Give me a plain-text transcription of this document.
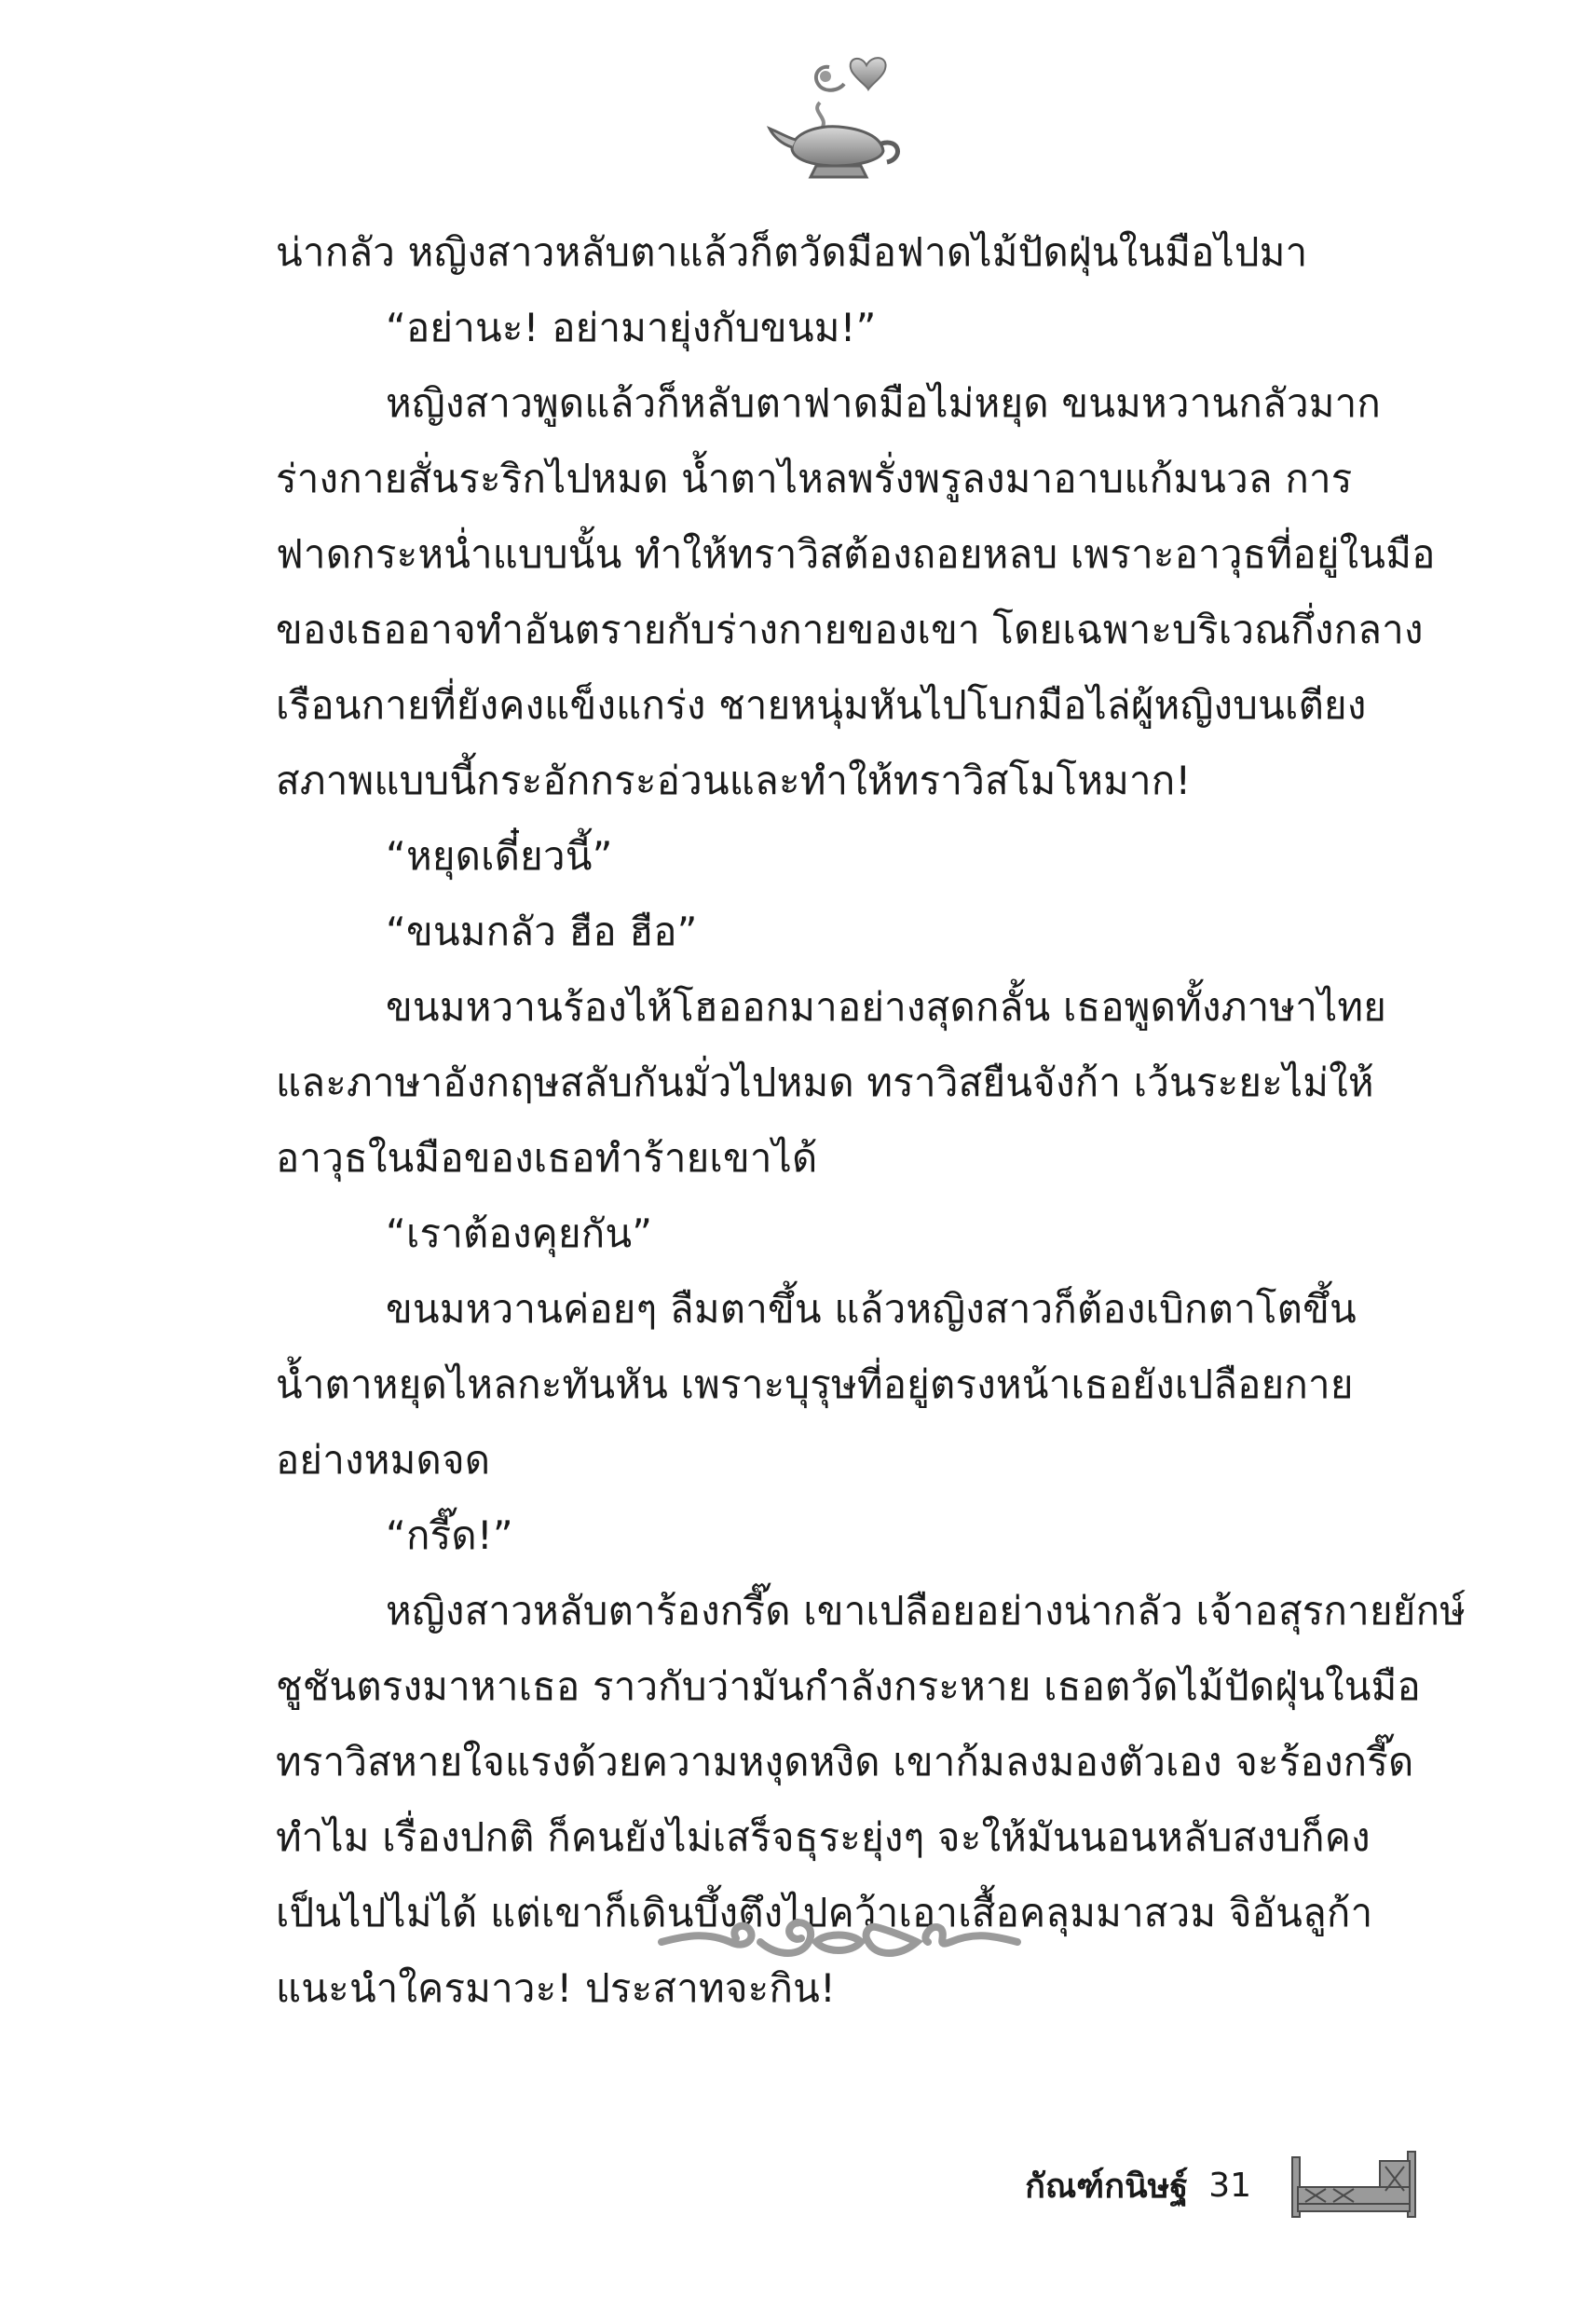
น่ากลัว หญิงสาวหลับตาแล้วก็ตวัดมือฟาดไม้ปัดฝุ่นในมือไปมา

“อย่านะ! อย่ามายุ่งกับขนม!”

หญิงสาวพูดแล้วก็หลับตาฟาดมือไม่หยุด ขนมหวานกลัวมาก

ร่างกายสั่นระริกไปหมด น้ำตาไหลพรั่งพรูลงมาอาบแก้มนวล การ

ฟาดกระหน่ำแบบนั้น ทำให้ทราวิสต้องถอยหลบ เพราะอาวุธที่อยู่ในมือ

ของเธออาจทำอันตรายกับร่างกายของเขา โดยเฉพาะบริเวณกึ่งกลาง

เรือนกายที่ยังคงแข็งแกร่ง ชายหนุ่มหันไปโบกมือไล่ผู้หญิงบนเตียง

สภาพแบบนี้กระอักกระอ่วนและทำให้ทราวิสโมโหมาก!

“หยุดเดี๋ยวนี้”

“ขนมกลัว ฮือ ฮือ”

ขนมหวานร้องไห้โฮออกมาอย่างสุดกลั้น เธอพูดทั้งภาษาไทย

และภาษาอังกฤษสลับกันมั่วไปหมด ทราวิสยืนจังก้า เว้นระยะไม่ให้

อาวุธในมือของเธอทำร้ายเขาได้

“เราต้องคุยกัน”

ขนมหวานค่อยๆ ลืมตาขึ้น แล้วหญิงสาวก็ต้องเบิกตาโตขึ้น

น้ำตาหยุดไหลกะทันหัน เพราะบุรุษที่อยู่ตรงหน้าเธอยังเปลือยกาย

อย่างหมดจด

“กรี๊ด!”

หญิงสาวหลับตาร้องกรี๊ด เขาเปลือยอย่างน่ากลัว เจ้าอสุรกายยักษ์

ชูชันตรงมาหาเธอ ราวกับว่ามันกำลังกระหาย เธอตวัดไม้ปัดฝุ่นในมือ

ทราวิสหายใจแรงด้วยความหงุดหงิด เขาก้มลงมองตัวเอง จะร้องกรี๊ด

ทำไม เรื่องปกติ ก็คนยังไม่เสร็จธุระยุ่งๆ จะให้มันนอนหลับสงบก็คง

เป็นไปไม่ได้ แต่เขาก็เดินบึ้งตึงไปคว้าเอาเสื้อคลุมมาสวม จิอันลูก้า

แนะนำใครมาวะ! ประสาทจะกิน!

กัณฑ์กนิษฐ์ 31
